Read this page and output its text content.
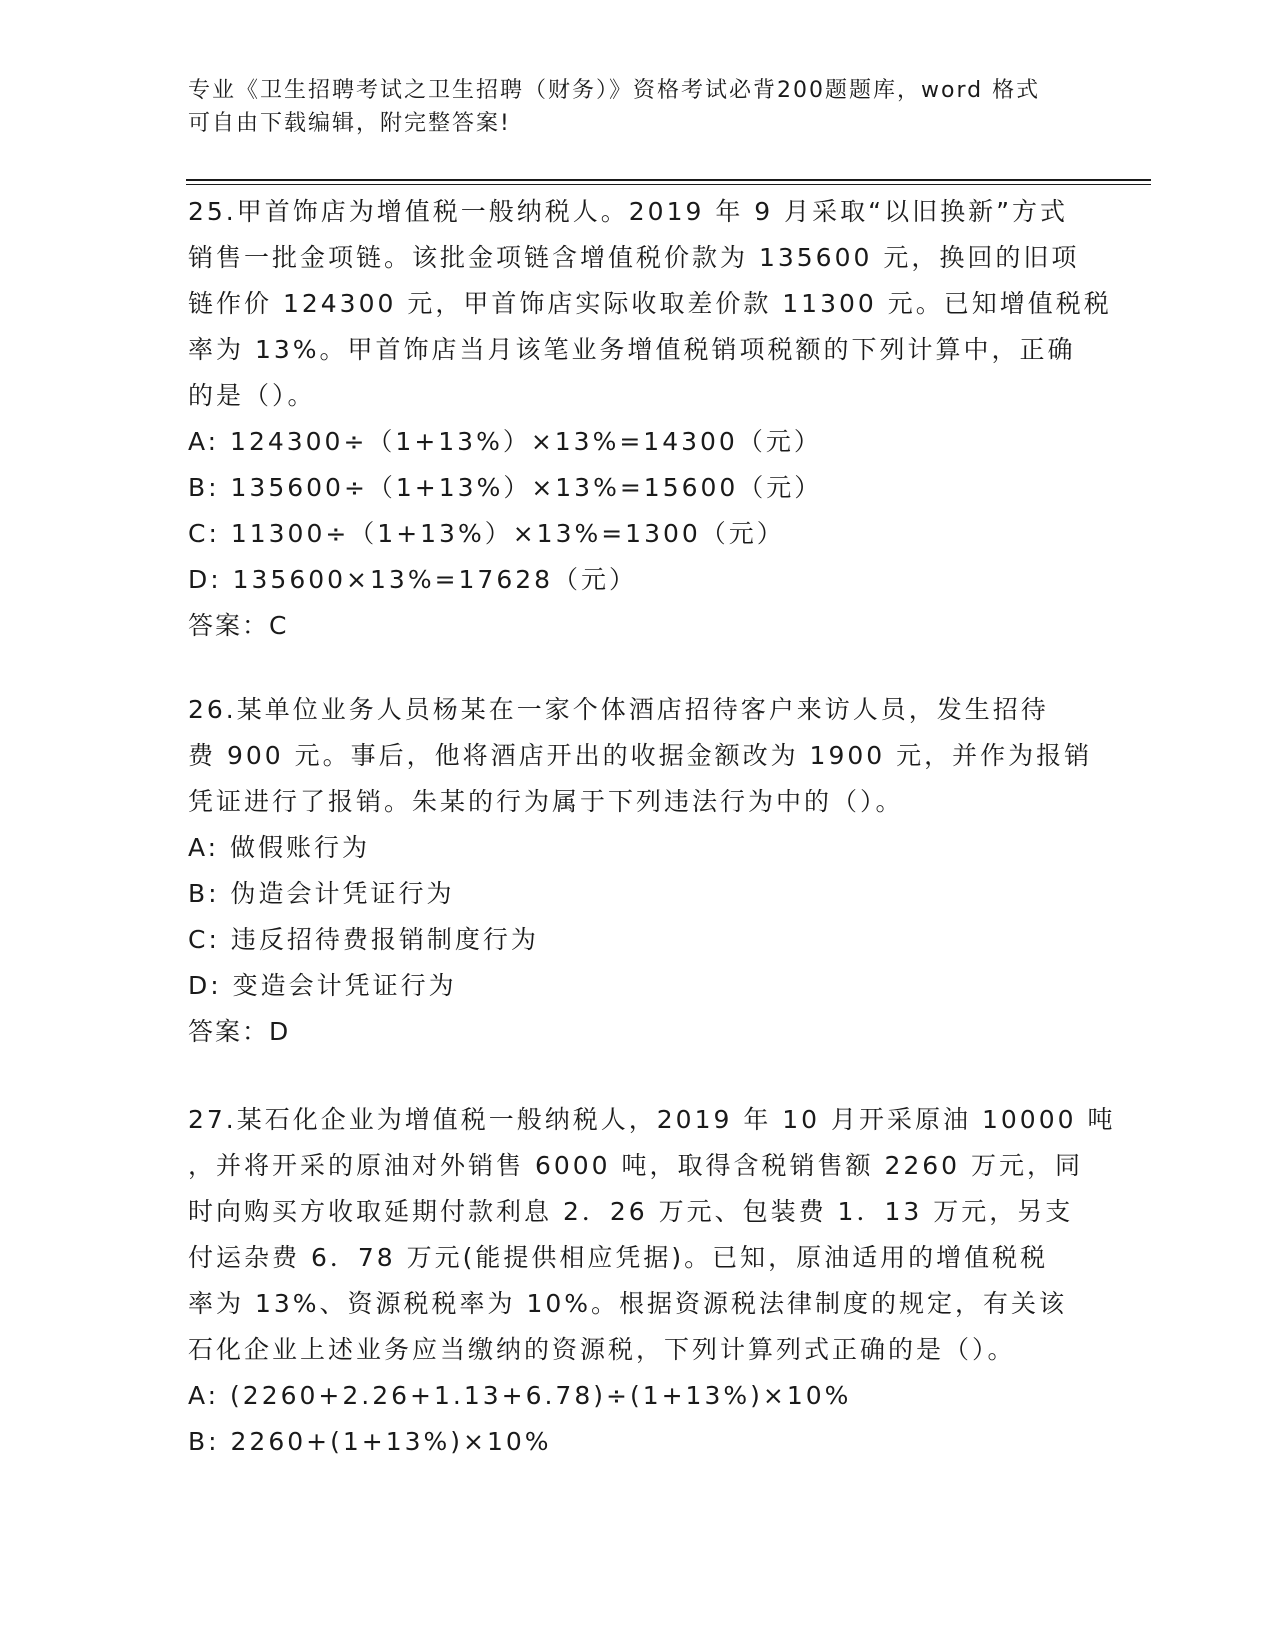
专业《卫生招聘考试之卫生招聘（财务）》资格考试必背200题题库，word 格式

可自由下载编辑，附完整答案!

25.甲首饰店为增值税一般纳税人。2019 年 9 月采取“以旧换新”方式

销售一批金项链。该批金项链含增值税价款为 135600 元，换回的旧项

链作价 124300 元，甲首饰店实际收取差价款 11300 元。已知增值税税

率为 13%。甲首饰店当月该笔业务增值税销项税额的下列计算中，正确

的是（）。

A: 124300÷（1+13%）×13%=14300（元）

B: 135600÷（1+13%）×13%=15600（元）

C: 11300÷（1+13%）×13%=1300（元）

D: 135600×13%=17628（元）

答案：C

26.某单位业务人员杨某在一家个体酒店招待客户来访人员，发生招待

费 900 元。事后，他将酒店开出的收据金额改为 1900 元，并作为报销

凭证进行了报销。朱某的行为属于下列违法行为中的（）。

A: 做假账行为

B: 伪造会计凭证行为

C: 违反招待费报销制度行为

D: 变造会计凭证行为

答案：D

27.某石化企业为增值税一般纳税人，2019 年 10 月开采原油 10000 吨

，并将开采的原油对外销售 6000 吨，取得含税销售额 2260 万元，同

时向购买方收取延期付款利息 2．26 万元、包装费 1．13 万元，另支

付运杂费 6．78 万元(能提供相应凭据)。已知，原油适用的增值税税

率为 13%、资源税税率为 10%。根据资源税法律制度的规定，有关该

石化企业上述业务应当缴纳的资源税，下列计算列式正确的是（）。

A: (2260+2.26+1.13+6.78)÷(1+13%)×10%

B: 2260+(1+13%)×10%
